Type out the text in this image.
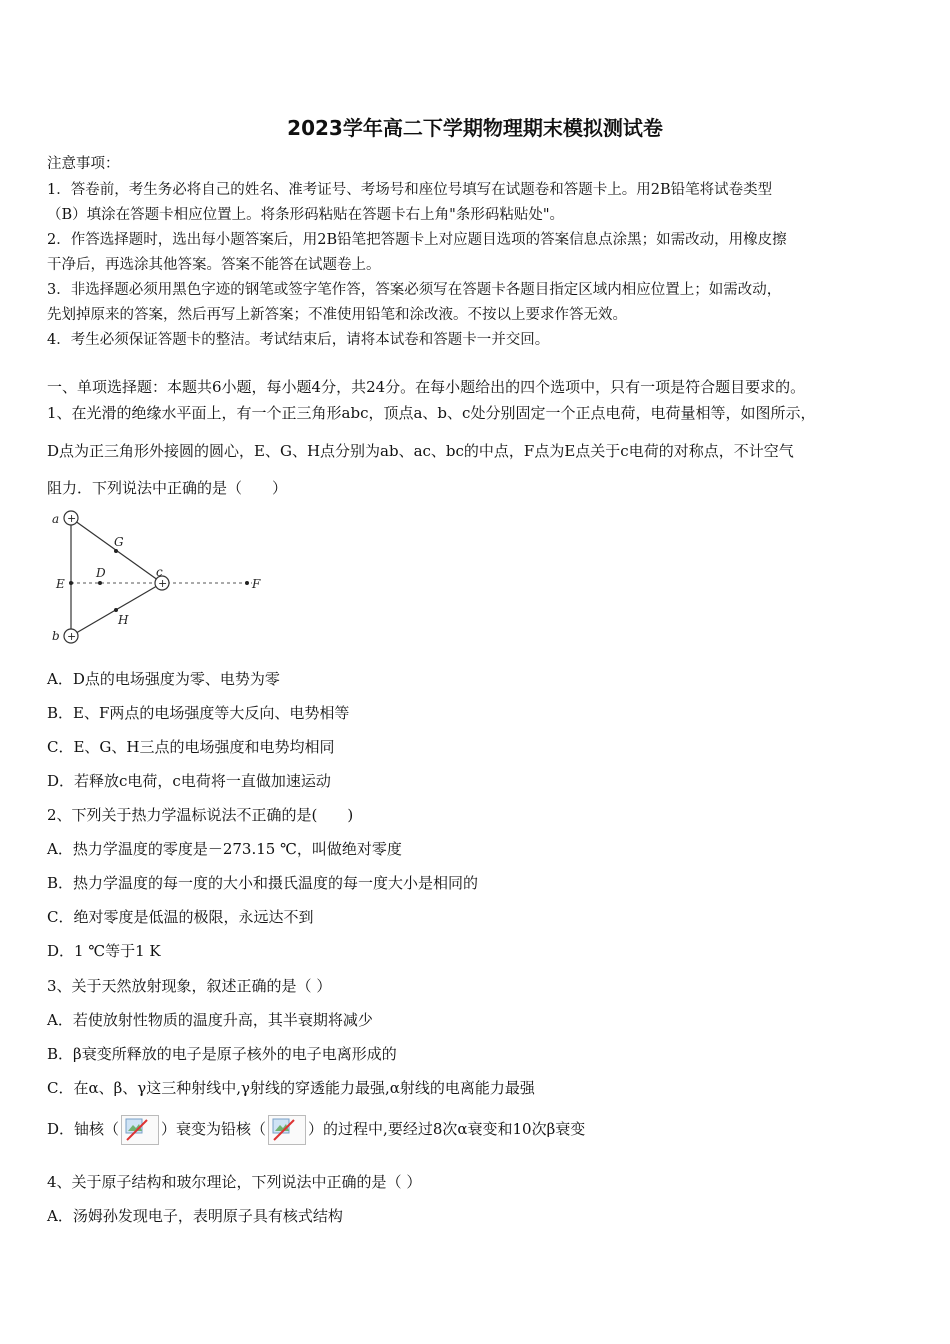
2023学年高二下学期物理期末模拟测试卷
注意事项：
1．答卷前，考生务必将自己的姓名、准考证号、考场号和座位号填写在试题卷和答题卡上。用2B铅笔将试卷类型
（B）填涂在答题卡相应位置上。将条形码粘贴在答题卡右上角"条形码粘贴处"。
2．作答选择题时，选出每小题答案后，用2B铅笔把答题卡上对应题目选项的答案信息点涂黑；如需改动，用橡皮擦
干净后，再选涂其他答案。答案不能答在试题卷上。
3．非选择题必须用黑色字迹的钢笔或签字笔作答，答案必须写在答题卡各题目指定区域内相应位置上；如需改动，
先划掉原来的答案，然后再写上新答案；不准使用铅笔和涂改液。不按以上要求作答无效。
4．考生必须保证答题卡的整洁。考试结束后，请将本试卷和答题卡一并交回。
一、单项选择题：本题共6小题，每小题4分，共24分。在每小题给出的四个选项中，只有一项是符合题目要求的。
1、在光滑的绝缘水平面上，有一个正三角形abc，顶点a、b、c处分别固定一个正点电荷，电荷量相等，如图所示，
D点为正三角形外接圆的圆心，E、G、H点分别为ab、ac、bc的中点，F点为E点关于c电荷的对称点，不计空气
阻力．下列说法中正确的是（　　）
+
+
+
a
b
c
D
E	F
G
H
A．D点的电场强度为零、电势为零
B．E、F两点的电场强度等大反向、电势相等
C．E、G、H三点的电场强度和电势均相同
D．若释放c电荷，c电荷将一直做加速运动
2、下列关于热力学温标说法不正确的是(　　)
A．热力学温度的零度是－273.15 ℃，叫做绝对零度
B．热力学温度的每一度的大小和摄氏温度的每一度大小是相同的
C．绝对零度是低温的极限，永远达不到
D．1 ℃等于1 K
3、关于天然放射现象，叙述正确的是（ ）
A．若使放射性物质的温度升高，其半衰期将减少
B．β衰变所释放的电子是原子核外的电子电离形成的
C．在α、β、γ这三种射线中,γ射线的穿透能力最强,α射线的电离能力最强
D．铀核（	）衰变为铅核（	）的过程中,要经过8次α衰变和10次β衰变
4、关于原子结构和玻尔理论，下列说法中正确的是（ ）
A．汤姆孙发现电子，表明原子具有核式结构
